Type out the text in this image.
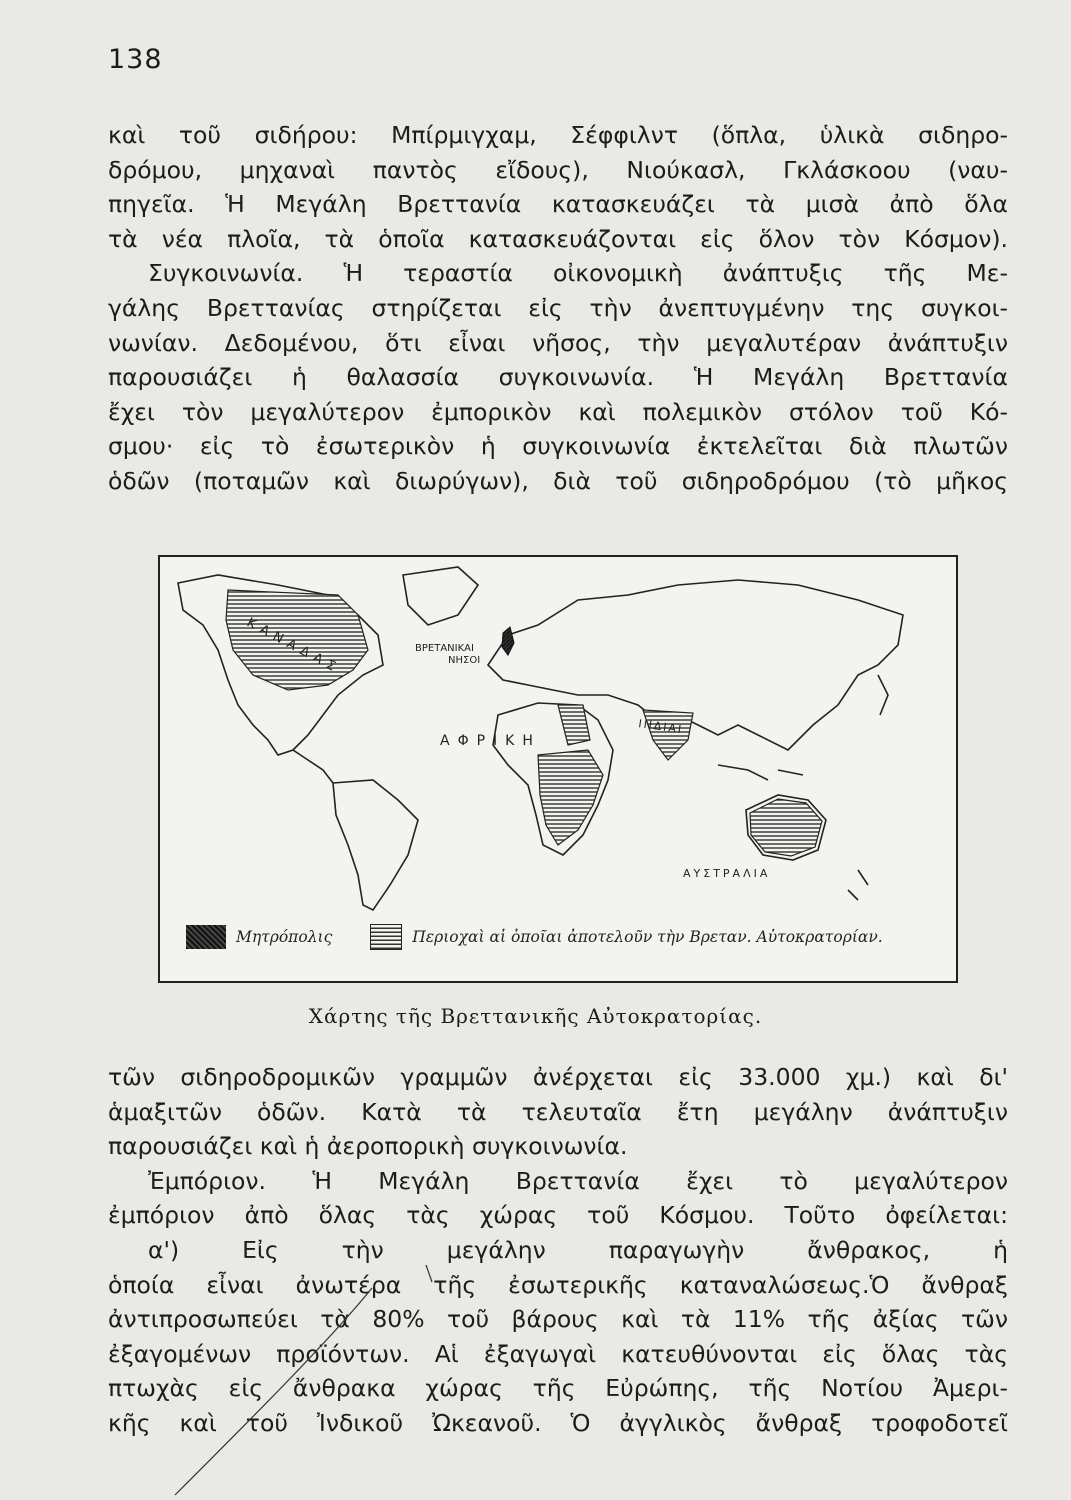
138
καὶ τοῦ σιδήρου: Μπίρμιγχαμ, Σέφφιλντ (ὅπλα, ὑλικὰ σιδηρο-
δρόμου, μηχαναὶ παντὸς εἴδους), Νιούκασλ, Γκλάσκοου (ναυ-
πηγεῖα. Ἡ Μεγάλη Βρεττανία κατασκευάζει τὰ μισὰ ἀπὸ ὅλα
τὰ νέα πλοῖα, τὰ ὁποῖα κατασκευάζονται εἰς ὅλον τὸν Κόσμον).
Συγκοινωνία. Ἡ τεραστία οἰκονομικὴ ἀνάπτυξις τῆς Με-
γάλης Βρεττανίας στηρίζεται εἰς τὴν ἀνεπτυγμένην της συγκοι-
νωνίαν. Δεδομένου, ὅτι εἶναι νῆσος, τὴν μεγαλυτέραν ἀνάπτυξιν
παρουσιάζει ἡ θαλασσία συγκοινωνία. Ἡ Μεγάλη Βρεττανία
ἔχει τὸν μεγαλύτερον ἐμπορικὸν καὶ πολεμικὸν στόλον τοῦ Κό-
σμου· εἰς τὸ ἐσωτερικὸν ἡ συγκοινωνία ἐκτελεῖται διὰ πλωτῶν
ὁδῶν (ποταμῶν καὶ διωρύγων), διὰ τοῦ σιδηροδρόμου (τὸ μῆκος
ΚΑΝΑΔΑΣ	ΒΡΕΤΑΝΙΚΑΙ
ΝΗΣΟΙ
ΑΦΡΙΚΗ
ΙΝΔΙΑΙ
ΑΥΣΤΡΑΛΙΑ
Μητρόπολις	Περιοχαὶ αἱ ὁποῖαι ἀποτελοῦν τὴν Βρεταν. Αὐτοκρατορίαν.
Χάρτης τῆς Βρεττανικῆς Αὐτοκρατορίας.
τῶν σιδηροδρομικῶν γραμμῶν ἀνέρχεται εἰς 33.000 χμ.) καὶ δι'
ἁμαξιτῶν ὁδῶν. Κατὰ τὰ τελευταῖα ἔτη μεγάλην ἀνάπτυξιν
παρουσιάζει καὶ ἡ ἀεροπορικὴ συγκοινωνία.
Ἐμπόριον. Ἡ Μεγάλη Βρεττανία ἔχει τὸ μεγαλύτερον
ἐμπόριον ἀπὸ ὅλας τὰς χώρας τοῦ Κόσμου. Τοῦτο ὀφείλεται:
α') Εἰς τὴν μεγάλην παραγωγὴν ἄνθρακος, ἡ
ὁποία εἶναι ἀνωτέρα τῆς ἐσωτερικῆς καταναλώσεως.Ὁ ἄνθραξ
ἀντιπροσωπεύει τὰ 80% τοῦ βάρους καὶ τὰ 11% τῆς ἀξίας τῶν
ἐξαγομένων προϊόντων. Αἱ ἐξαγωγαὶ κατευθύνονται εἰς ὅλας τὰς
πτωχὰς εἰς ἄνθρακα χώρας τῆς Εὐρώπης, τῆς Νοτίου Ἀμερι-
κῆς καὶ τοῦ Ἰνδικοῦ Ὠκεανοῦ. Ὁ ἀγγλικὸς ἄνθραξ τροφοδοτεῖ
